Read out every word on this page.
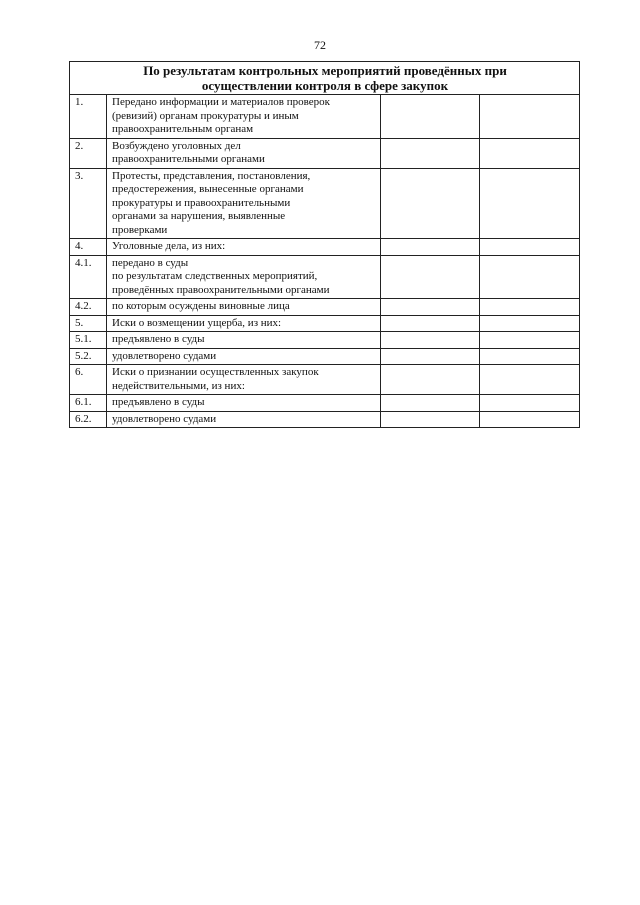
72
По результатам контрольных мероприятий проведённых при
осуществлении контроля в сфере закупок			
1.	Передано информации и материалов проверок
(ревизий) органам прокуратуры и иным
правоохранительным органам		

2.	Возбуждено уголовных дел
правоохранительными органами		

3.	Протесты, представления, постановления,
предостережения, вынесенные органами
прокуратуры и правоохранительными
органами за нарушения, выявленные
проверками		

4.	Уголовные дела, из них:		

4.1.	передано в суды
по результатам следственных мероприятий,
проведённых правоохранительными органами		

4.2.	по которым осуждены виновные лица		

5.	Иски о возмещении ущерба, из них:		

5.1.	предъявлено в суды		

5.2.	удовлетворено судами		

6.	Иски о признании осуществленных закупок
недействительными, из них:		

6.1.	предъявлено в суды		

6.2.	удовлетворено судами		
